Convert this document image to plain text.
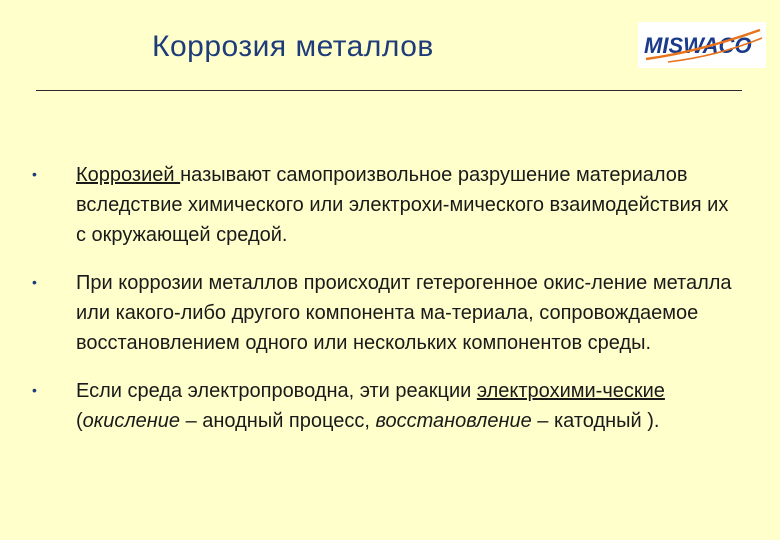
Коррозия металлов	MISWACO
• Коррозией называют самопроизвольное разрушение материалов вследствие химического или электрохи-мического взаимодействия их с окружающей средой.
• При коррозии металлов происходит гетерогенное окис-ление металла или какого-либо другого компонента ма-териала, сопровождаемое восстановлением одного или нескольких компонентов среды.
• Если среда электропроводна, эти реакции электрохими-ческие (окисление – анодный процесс, восстановление – катодный ).
